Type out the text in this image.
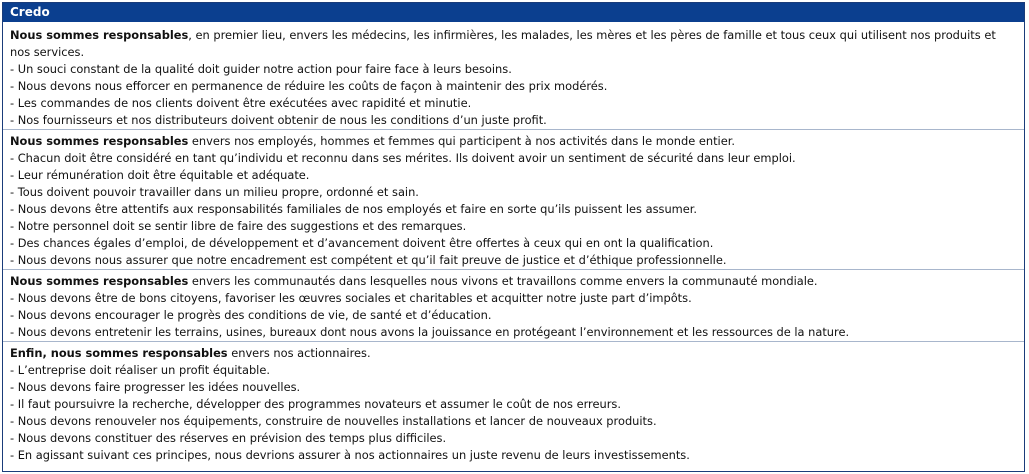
Credo

Nous sommes responsables, en premier lieu, envers les médecins, les infirmières, les malades, les mères et les pères de famille et tous ceux qui utilisent nos produits et nos services.

- Un souci constant de la qualité doit guider notre action pour faire face à leurs besoins.

- Nous devons nous efforcer en permanence de réduire les coûts de façon à maintenir des prix modérés.

- Les commandes de nos clients doivent être exécutées avec rapidité et minutie.

- Nos fournisseurs et nos distributeurs doivent obtenir de nous les conditions d’un juste profit.

Nous sommes responsables envers nos employés, hommes et femmes qui participent à nos activités dans le monde entier.

- Chacun doit être considéré en tant qu’individu et reconnu dans ses mérites. Ils doivent avoir un sentiment de sécurité dans leur emploi.

- Leur rémunération doit être équitable et adéquate.

- Tous doivent pouvoir travailler dans un milieu propre, ordonné et sain.

- Nous devons être attentifs aux responsabilités familiales de nos employés et faire en sorte qu’ils puissent les assumer.

- Notre personnel doit se sentir libre de faire des suggestions et des remarques.

- Des chances égales d’emploi, de développement et d’avancement doivent être offertes à ceux qui en ont la qualification.

- Nous devons nous assurer que notre encadrement est compétent et qu’il fait preuve de justice et d’éthique professionnelle.

Nous sommes responsables envers les communautés dans lesquelles nous vivons et travaillons comme envers la communauté mondiale.

- Nous devons être de bons citoyens, favoriser les œuvres sociales et charitables et acquitter notre juste part d’impôts.

- Nous devons encourager le progrès des conditions de vie, de santé et d’éducation.

- Nous devons entretenir les terrains, usines, bureaux dont nous avons la jouissance en protégeant l’environnement et les ressources de la nature.

Enfin, nous sommes responsables envers nos actionnaires.

- L’entreprise doit réaliser un profit équitable.

- Nous devons faire progresser les idées nouvelles.

- Il faut poursuivre la recherche, développer des programmes novateurs et assumer le coût de nos erreurs.

- Nous devons renouveler nos équipements, construire de nouvelles installations et lancer de nouveaux produits.

- Nous devons constituer des réserves en prévision des temps plus difficiles.

- En agissant suivant ces principes, nous devrions assurer à nos actionnaires un juste revenu de leurs investissements.
